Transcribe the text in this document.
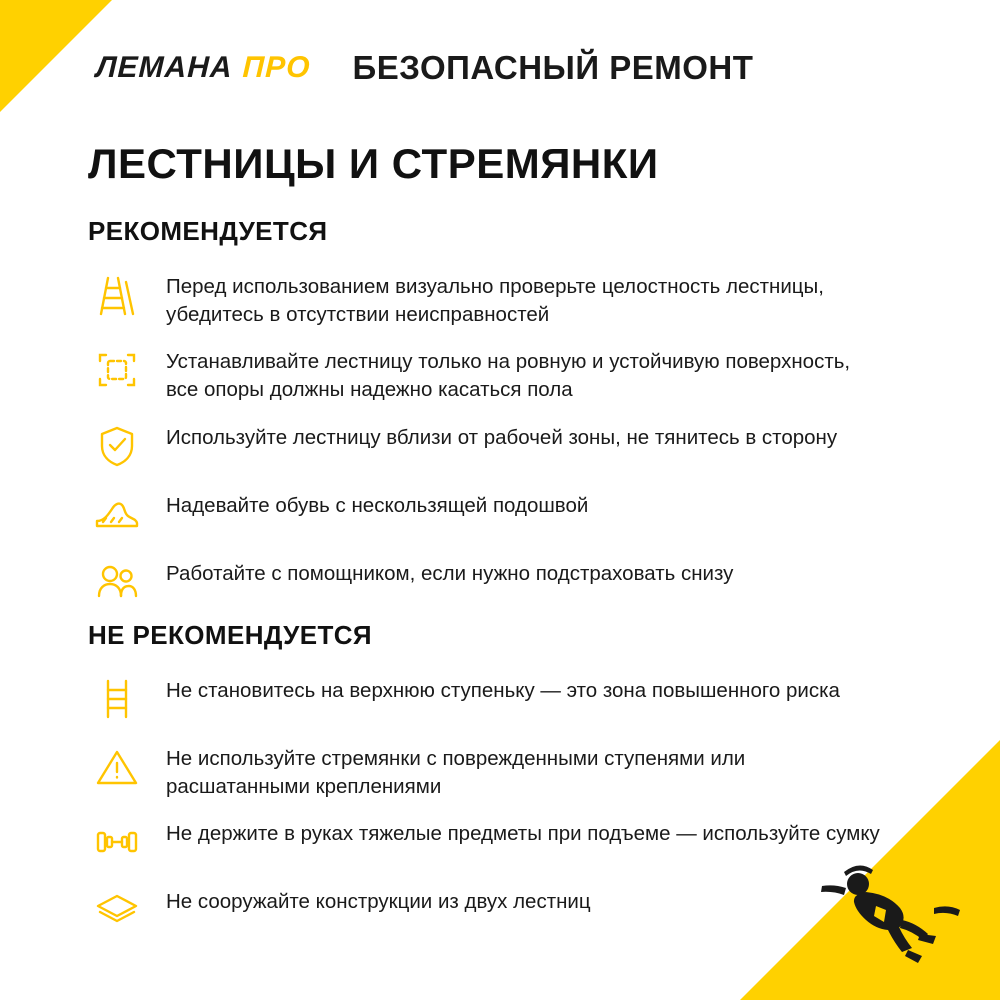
ЛЕМАНА ПРО БЕЗОПАСНЫЙ РЕМОНТ
ЛЕСТНИЦЫ И СТРЕМЯНКИ
РЕКОМЕНДУЕТСЯ
Перед использованием визуально проверьте целостность лестницы, убедитесь в отсутствии неисправностей
Устанавливайте лестницу только на ровную и устойчивую поверхность, все опоры должны надежно касаться пола
Используйте лестницу вблизи от рабочей зоны, не тянитесь в сторону
Надевайте обувь с нескользящей подошвой
Работайте с помощником, если нужно подстраховать снизу
НЕ РЕКОМЕНДУЕТСЯ
Не становитесь на верхнюю ступеньку — это зона повышенного риска
Не используйте стремянки с поврежденными ступенями или расшатанными креплениями
Не держите в руках тяжелые предметы при подъеме — используйте сумку
Не сооружайте конструкции из двух лестниц
